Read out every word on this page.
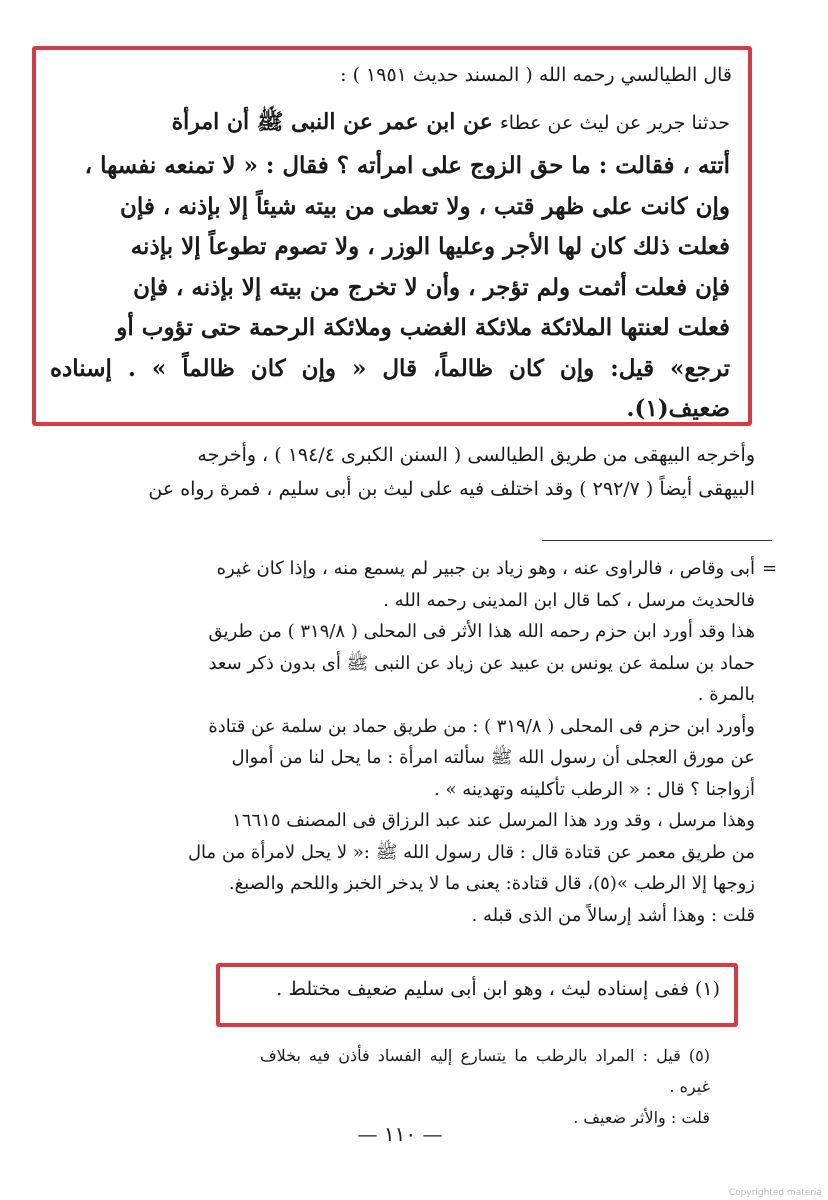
قال الطيالسي رحمه الله ( المسند حديث ١٩٥١ ) :
حدثنا جرير عن ليث عن عطاء عن ابن عمر عن النبى ﷺ أن امرأة

أتته ، فقالت : ما حق الزوج على امرأته ؟ فقال : « لا تمنعه نفسها ،

وإن كانت على ظهر قتب ، ولا تعطى من بيته شيئاً إلا بإذنه ، فإن

فعلت ذلك كان لها الأجر وعليها الوزر ، ولا تصوم تطوعاً إلا بإذنه

فإن فعلت أثمت ولم تؤجر ، وأن لا تخرج من بيته إلا بإذنه ، فإن

فعلت لعنتها الملائكة ملائكة الغضب وملائكة الرحمة حتى تؤوب أو

ترجع» قيل: وإن كان ظالماً، قال « وإن كان ظالماً » . إسناده ضعيف(١).

وأخرجه البيهقى من طريق الطيالسى ( السنن الكبرى ١٩٤/٤ ) ، وأخرجه

البيهقى أيضاً ( ٢٩٢/٧ ) وقد اختلف فيه على ليث بن أبى سليم ، فمرة رواه عن

=

أبى وقاص ، فالراوى عنه ، وهو زياد بن جبير لم يسمع منه ، وإذا كان غيره

فالحديث مرسل ، كما قال ابن المدينى رحمه الله .

هذا وقد أورد ابن حزم رحمه الله هذا الأثر فى المحلى ( ٣١٩/٨ ) من طريق

حماد بن سلمة عن يونس بن عبيد عن زياد عن النبى ﷺ أى بدون ذكر سعد

بالمرة .

وأورد ابن حزم فى المحلى ( ٣١٩/٨ ) : من طريق حماد بن سلمة عن قتادة

عن مورق العجلى أن رسول الله ﷺ سألته امرأة : ما يحل لنا من أموال

أزواجنا ؟ قال : « الرطب تأكلينه وتهدينه » .

وهذا مرسل ، وقد ورد هذا المرسل عند عبد الرزاق فى المصنف ١٦٦١٥

من طريق معمر عن قتادة قال : قال رسول الله ﷺ :« لا يحل لامرأة من مال

زوجها إلا الرطب »(٥)، قال قتادة: يعنى ما لا يدخر الخبز واللحم والصبغ.

قلت : وهذا أشد إرسالاً من الذى قبله .

(١) ففى إسناده ليث ، وهو ابن أبى سليم ضعيف مختلط .

(٥) قيل : المراد بالرطب ما يتسارع إليه الفساد فأذن فيه بخلاف غيره .

قلت : والأثر ضعيف .

— ١١٠ —
Copyrighted materia
